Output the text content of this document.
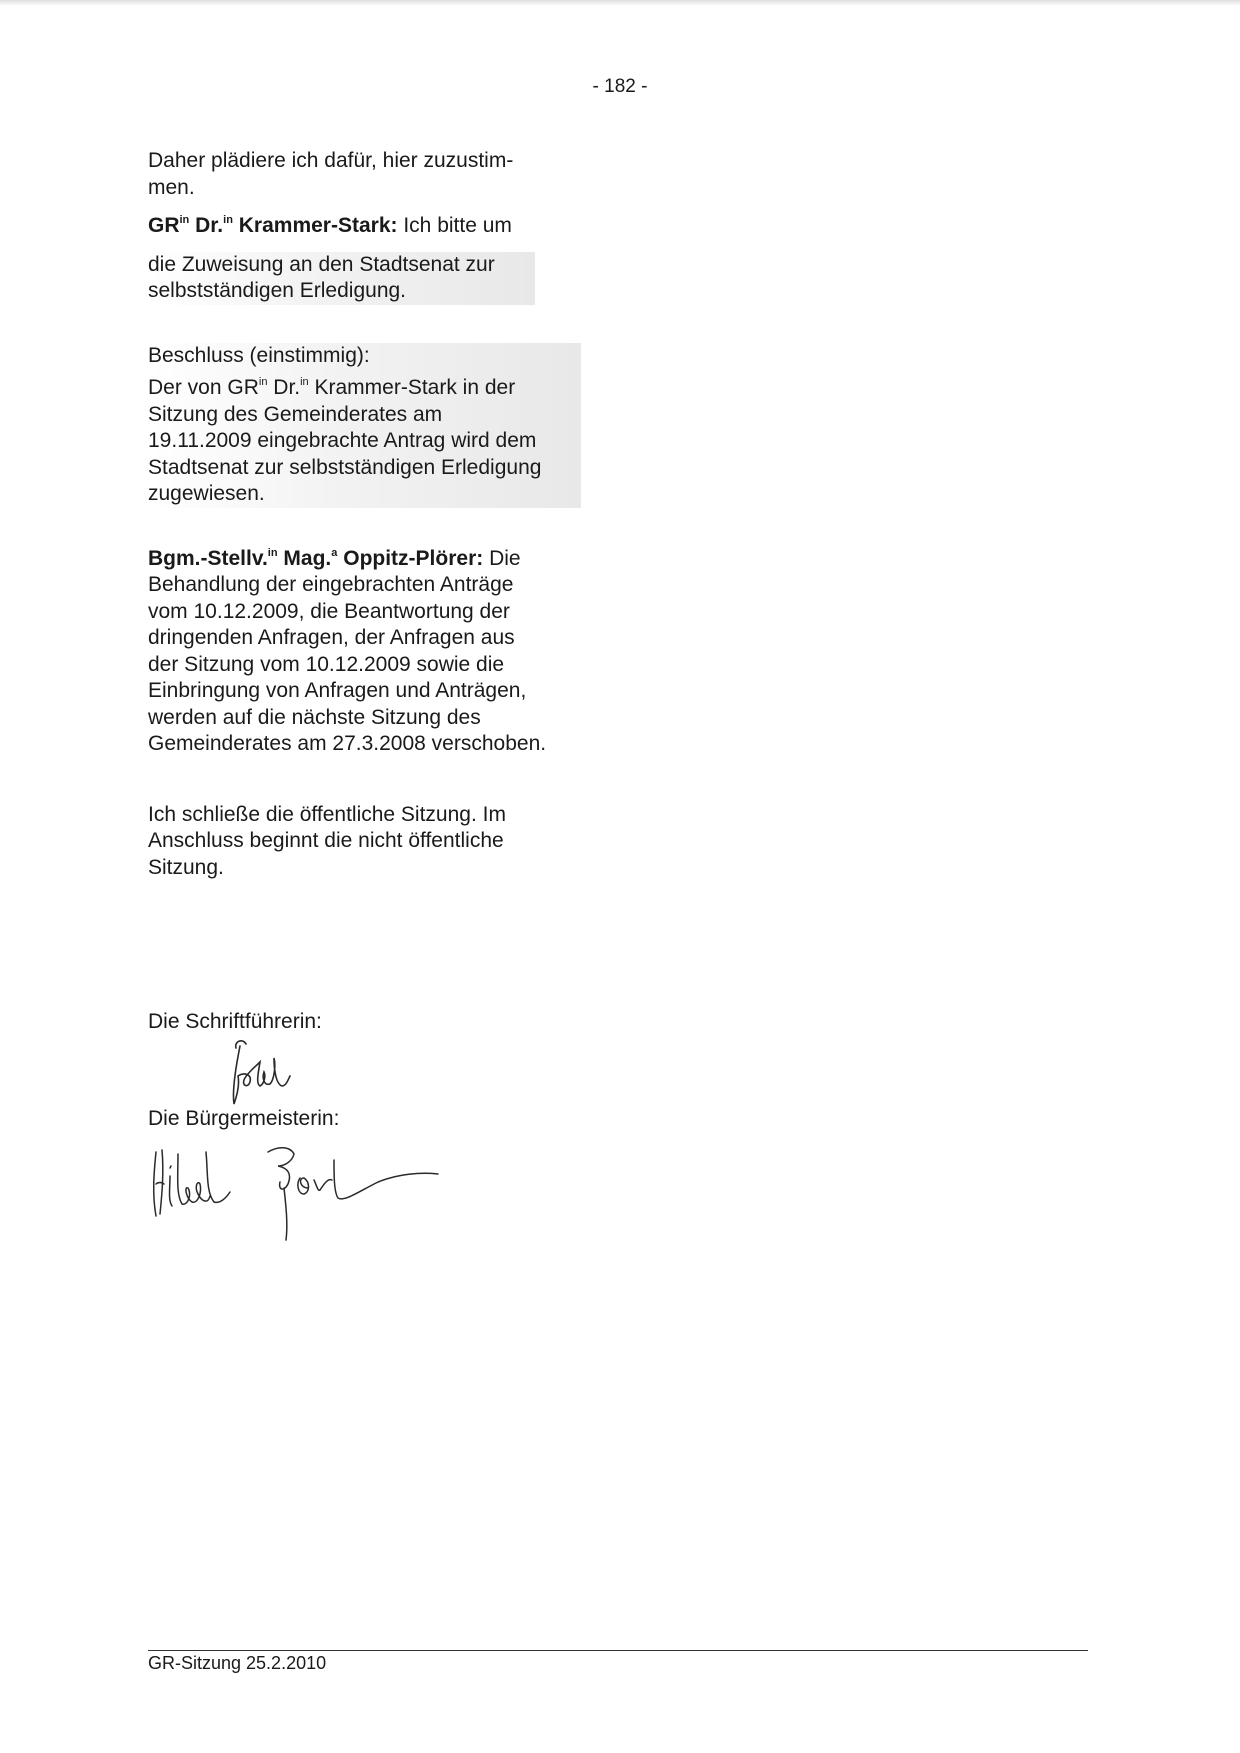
- 182 -

Daher plädiere ich dafür, hier zuzustim-

men.

$GR^{in}$ Dr.$^{in}$ Krammer-Stark: Ich bitte um

die Zuweisung an den Stadtsenat zur

selbstständigen Erledigung.

Beschluss (einstimmig):

Der von $GR^{in}$ Dr.$^{in}$ Krammer-Stark in der

Sitzung des Gemeinderates am

19.11.2009 eingebrachte Antrag wird dem

Stadtsenat zur selbstständigen Erledigung

zugewiesen.

Bgm.-Stellv.$^{in}$ Mag.$^a$ Oppitz-Plörer: Die

Behandlung der eingebrachten Anträge

vom 10.12.2009, die Beantwortung der

dringenden Anfragen, der Anfragen aus

der Sitzung vom 10.12.2009 sowie die

Einbringung von Anfragen und Anträgen,

werden auf die nächste Sitzung des

Gemeinderates am 27.3.2008 verschoben.

Ich schließe die öffentliche Sitzung. Im

Anschluss beginnt die nicht öffentliche

Sitzung.

Die Schriftführerin:

Die Bürgermeisterin:

GR-Sitzung 25.2.2010
